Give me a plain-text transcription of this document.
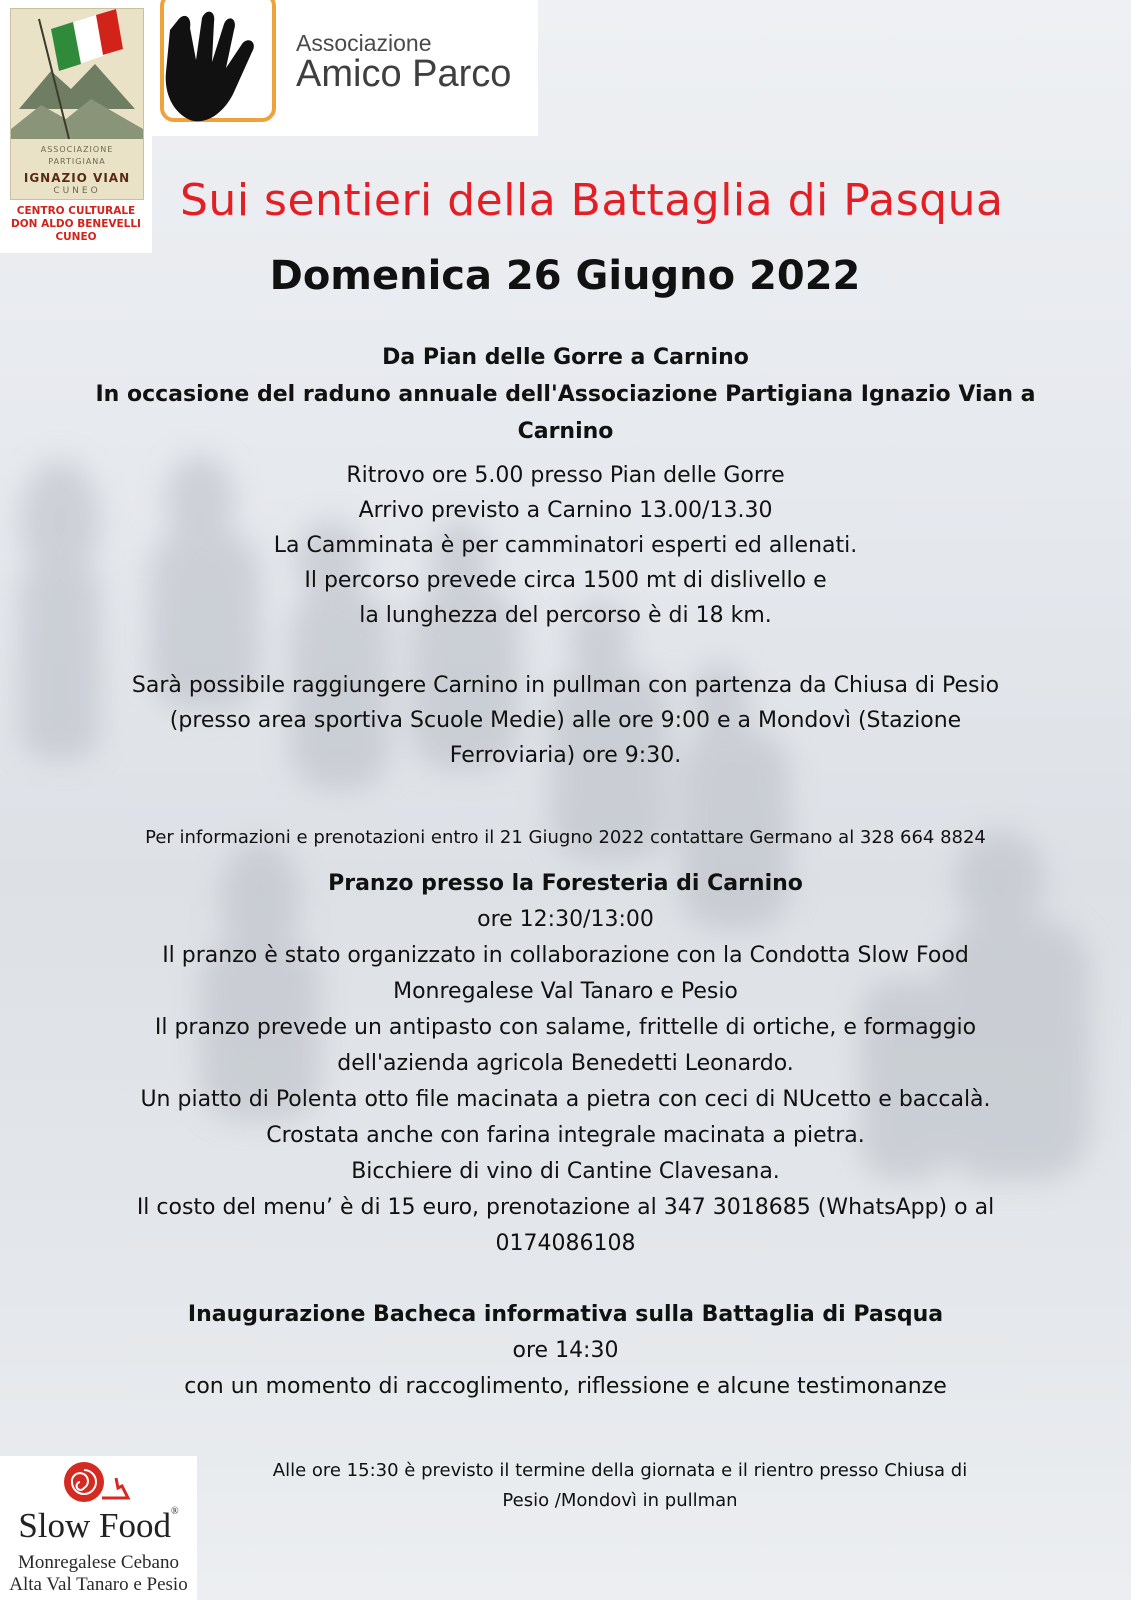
ASSOCIAZIONE
PARTIGIANA
IGNAZIO VIAN
CUNEO
CENTRO CULTURALE
DON ALDO BENEVELLI
CUNEO
Associazione
Amico Parco
Sui sentieri della Battaglia di Pasqua
Domenica 26 Giugno 2022
Da Pian delle Gorre a Carnino
In occasione del raduno annuale dell'Associazione Partigiana Ignazio Vian a
Carnino
Ritrovo ore 5.00 presso Pian delle Gorre
Arrivo previsto a Carnino 13.00/13.30
La Camminata è per camminatori esperti ed allenati.
Il percorso prevede circa 1500 mt di dislivello e
la lunghezza del percorso è di 18 km.
Sarà possibile raggiungere Carnino in pullman con partenza da Chiusa di Pesio
(presso area sportiva Scuole Medie) alle ore 9:00 e a Mondovì (Stazione
Ferroviaria) ore 9:30.
Per informazioni e prenotazioni entro il 21 Giugno 2022 contattare Germano al 328 664 8824
Pranzo presso la Foresteria di Carnino
ore 12:30/13:00
Il pranzo è stato organizzato in collaborazione con la Condotta Slow Food
Monregalese Val Tanaro e Pesio
Il pranzo prevede un antipasto con salame, frittelle di ortiche, e formaggio
dell'azienda agricola Benedetti Leonardo.
Un piatto di Polenta otto file macinata a pietra con ceci di NUcetto e baccalà.
Crostata anche con farina integrale macinata a pietra.
Bicchiere di vino di Cantine Clavesana.
Il costo del menu’ è di 15 euro, prenotazione al 347 3018685 (WhatsApp) o al
0174086108
Inaugurazione Bacheca informativa sulla Battaglia di Pasqua
ore 14:30
con un momento di raccoglimento, riflessione e alcune testimonanze
Alle ore 15:30 è previsto il termine della giornata e il rientro presso Chiusa di
Pesio /Mondovì in pullman
Slow Food®
Monregalese Cebano
Alta Val Tanaro e Pesio
